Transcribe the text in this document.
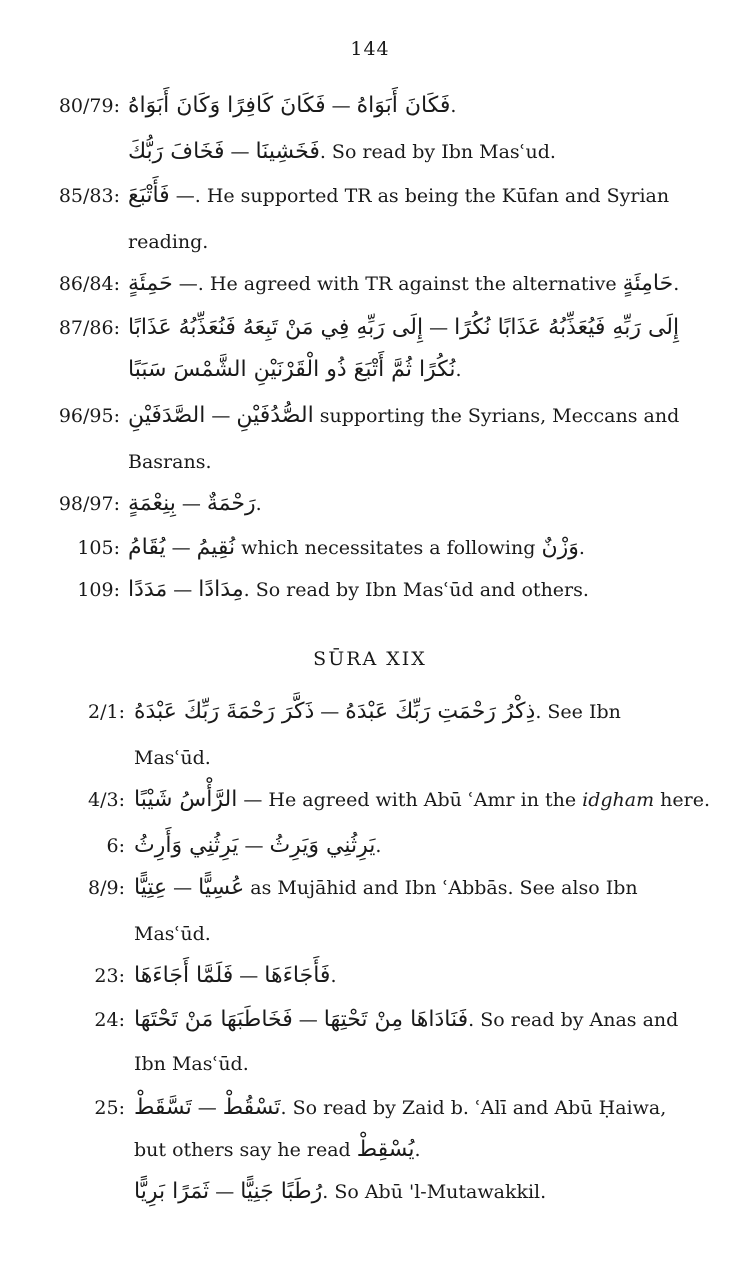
144
80/79: فَكَانَ كَافِرًا وَكَانَ أَبَوَاهُ — فَكَانَ أَبَوَاهُ.
فَخَافَ رَبُّكَ — فَخَشِينَا. So read by Ibn Masʿud.
85/83: فَأَتْبَعَ —. He supported TR as being the Kūfan and Syrian
reading.
86/84: حَمِئَةٍ —. He agreed with TR against the alternative حَامِئَةٍ.
87/86: إِلَى رَبِّهِ فِي مَنْ تَبِعَهُ فَنُعَذِّبُهُ عَذَابًا — إِلَى رَبِّهِ فَيُعَذِّبُهُ عَذَابًا نُكُرًا
نُكُرًا ثُمَّ أَتْبَعَ ذُو الْقَرْنَيْنِ الشَّمْسَ سَبَبًا.
96/95: الصَّدَفَيْنِ — الصُّدُفَيْنِ supporting the Syrians, Meccans and
Basrans.
98/97: بِنِعْمَةٍ — رَحْمَةٌ.
105: يُقَامُ — نُقِيمُ which necessitates a following وَزْنٌ.
109: مَدَدًا — مِدَادًا. So read by Ibn Masʿūd and others.
SŪRA XIX
2/1: ذَكَّرَ رَحْمَةَ رَبِّكَ عَبْدَهُ — ذِكْرُ رَحْمَتِ رَبِّكَ عَبْدَهُ. See Ibn
Masʿūd.
4/3: الرَّأْسُ شَيْبًا — He agreed with Abū ʿAmr in the idgham here.
6: يَرِثُنِي وَأَرِثُ — يَرِثُنِي وَيَرِثُ.
8/9: عِتِيًّا — عُسِيًّا as Mujāhid and Ibn ʿAbbās. See also Ibn
Masʿūd.
23: فَلَمَّا أَجَاءَهَا — فَأَجَاءَهَا.
24: فَخَاطَبَهَا مَنْ تَحْتَهَا — فَنَادَاهَا مِنْ تَحْتِهَا. So read by Anas and
Ibn Masʿūd.
25: تَسَّقَطْ — تَسْقُطْ. So read by Zaid b. ʿAlī and Abū Ḥaiwa,
but others say he read يُسْقِطْ.
ثَمَرًا بَرِيًّا — رُطَبًا جَنِيًّا. So Abū 'l-Mutawakkil.
